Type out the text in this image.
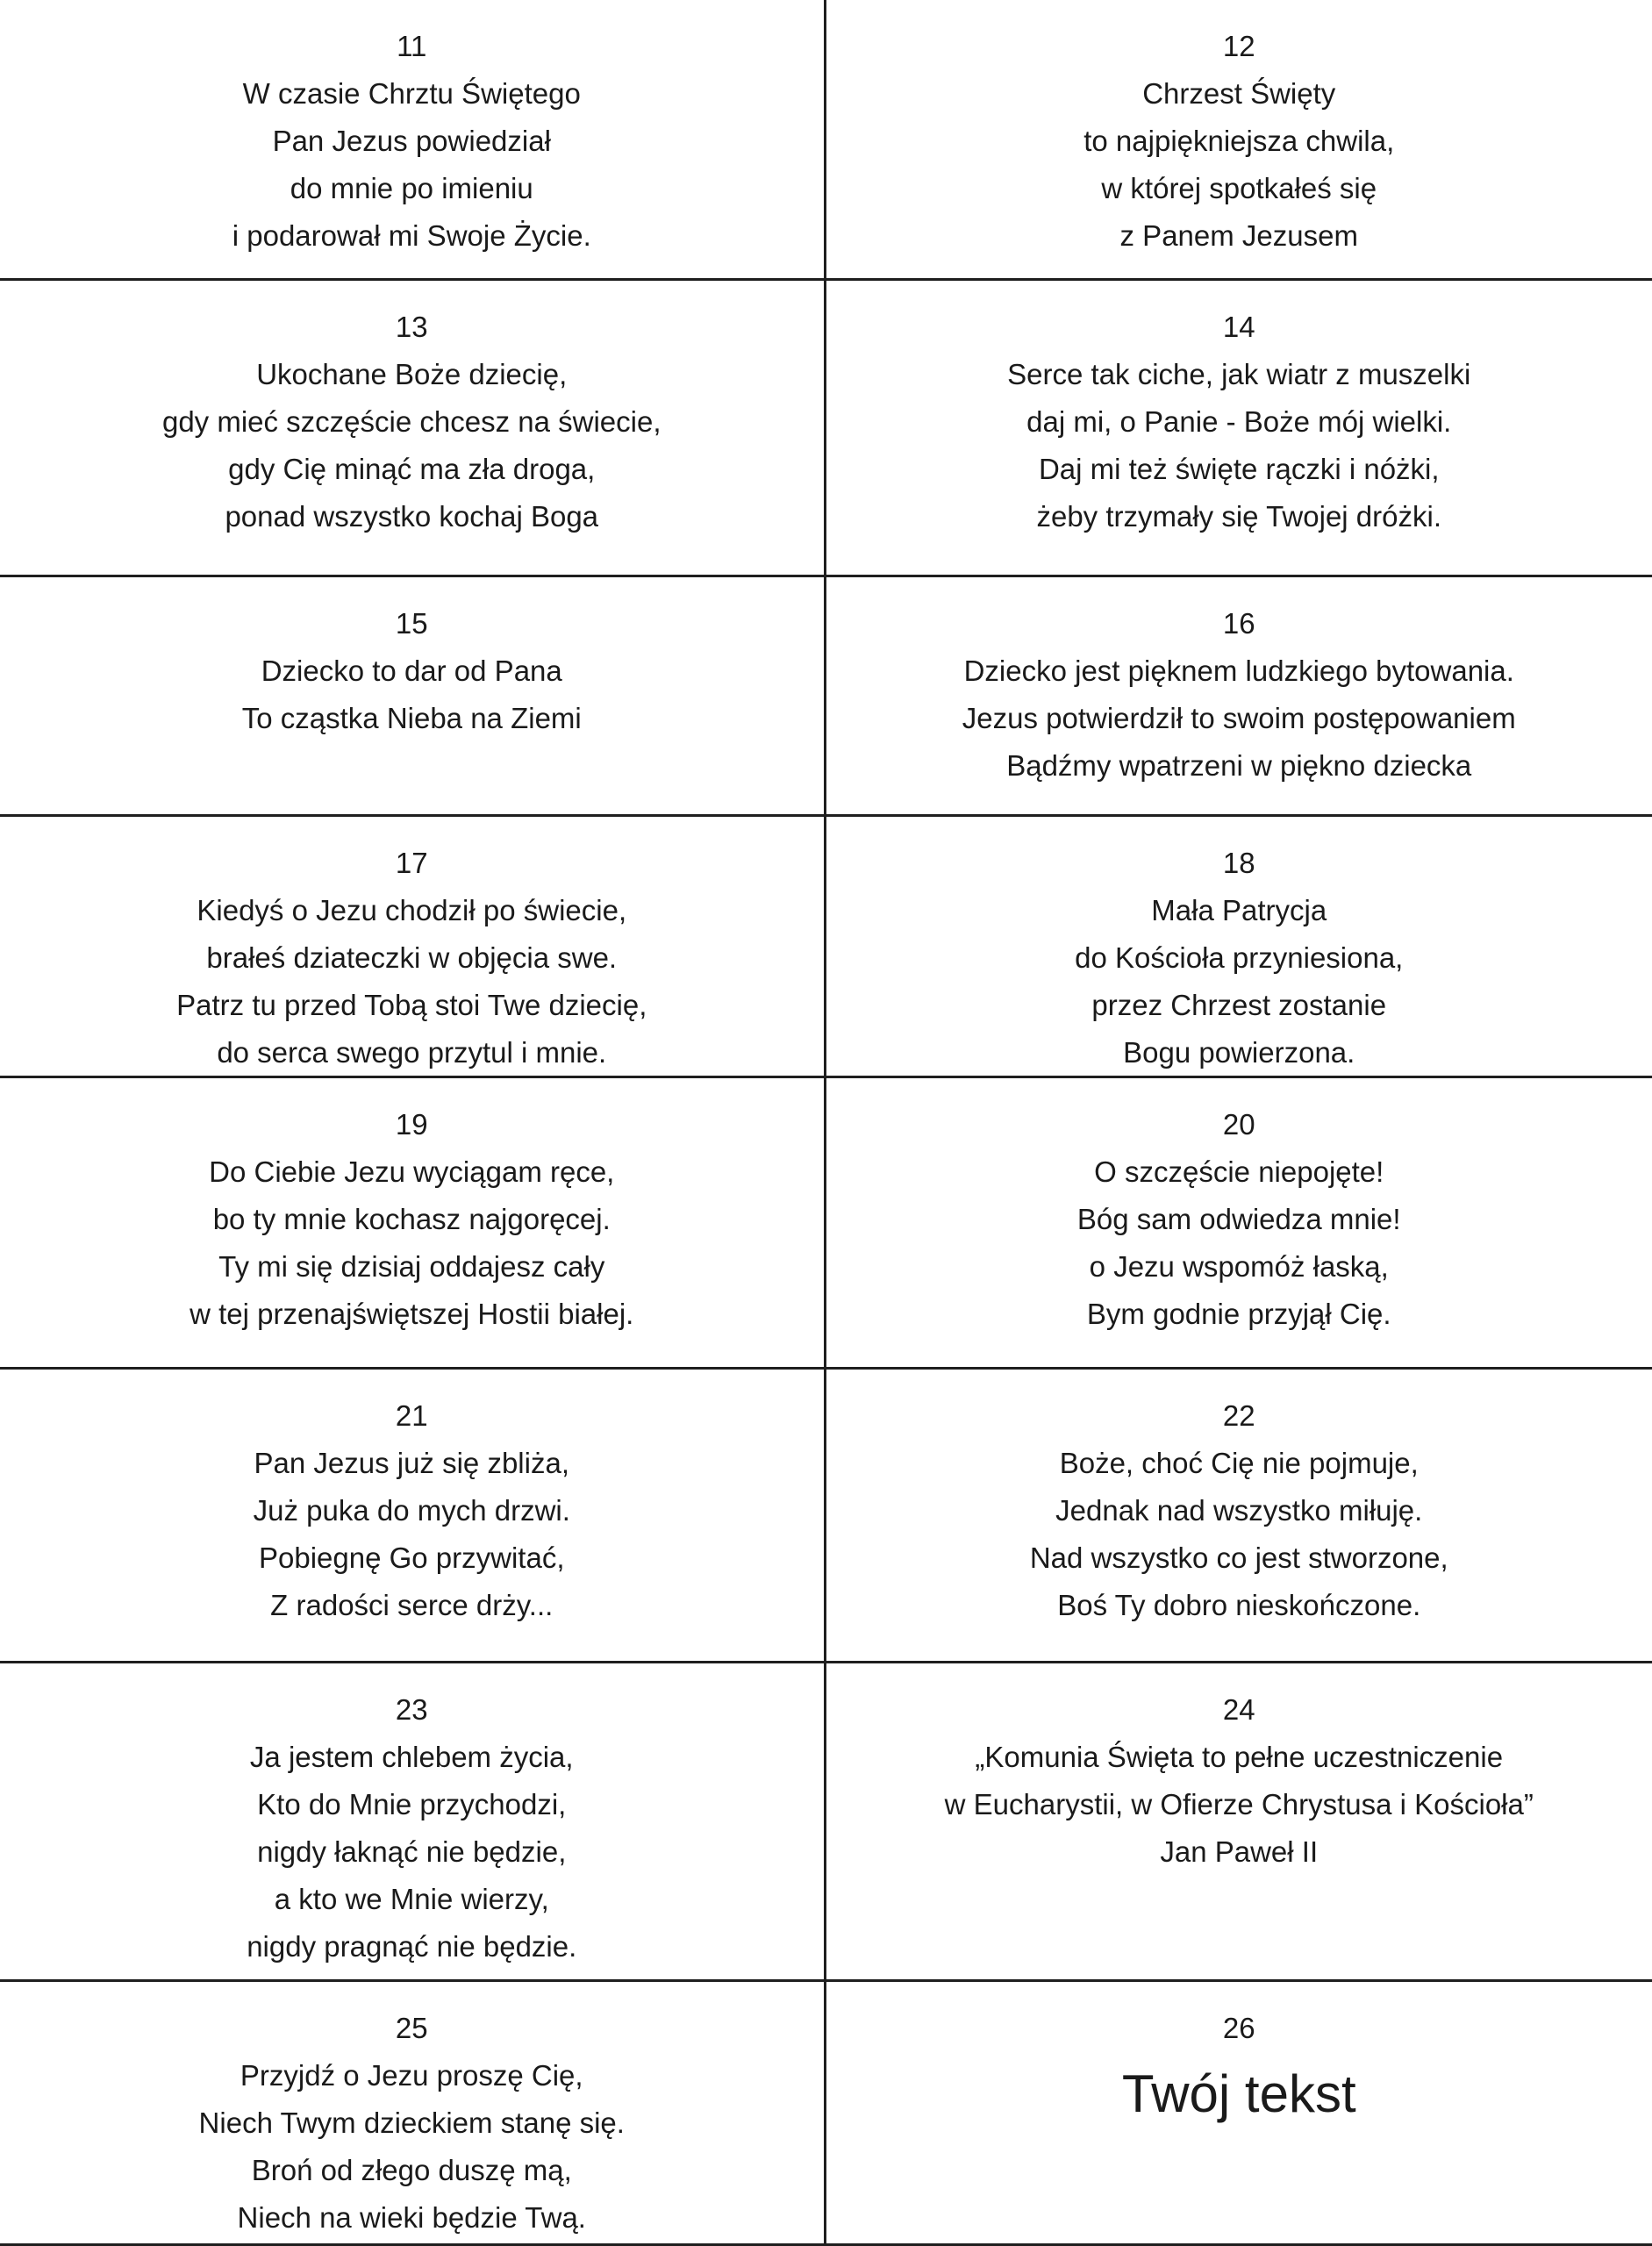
11
W czasie Chrztu Świętego
Pan Jezus powiedział
do mnie po imieniu
i podarował mi Swoje Życie.
12
Chrzest Święty
to najpiękniejsza chwila,
w której spotkałeś się
z Panem Jezusem
13
Ukochane Boże dziecię,
gdy mieć szczęście chcesz na świecie,
gdy Cię minąć ma zła droga,
ponad wszystko kochaj Boga
14
Serce tak ciche, jak wiatr z muszelki
daj mi, o Panie - Boże mój wielki.
Daj mi też święte rączki i nóżki,
żeby trzymały się Twojej dróżki.
15
Dziecko to dar od Pana
To cząstka Nieba na Ziemi
16
Dziecko jest pięknem ludzkiego bytowania.
Jezus potwierdził to swoim postępowaniem
Bądźmy wpatrzeni w piękno dziecka
17
Kiedyś o Jezu chodził po świecie,
brałeś dziateczki w objęcia swe.
Patrz tu przed Tobą stoi Twe dziecię,
do serca swego przytul i mnie.
18
Mała Patrycja
do Kościoła przyniesiona,
przez Chrzest zostanie
Bogu powierzona.
19
Do Ciebie Jezu wyciągam ręce,
bo ty mnie kochasz najgoręcej.
Ty mi się dzisiaj oddajesz cały
w tej przenajświętszej Hostii białej.
20
O szczęście niepojęte!
Bóg sam odwiedza mnie!
o Jezu wspomóż łaską,
Bym godnie przyjął Cię.
21
Pan Jezus już się zbliża,
Już puka do mych drzwi.
Pobiegnę Go przywitać,
Z radości serce drży...
22
Boże, choć Cię nie pojmuje,
Jednak nad wszystko miłuję.
Nad wszystko co jest stworzone,
Boś Ty dobro nieskończone.
23
Ja jestem chlebem życia,
Kto do Mnie przychodzi,
nigdy łaknąć nie będzie,
a kto we Mnie wierzy,
nigdy pragnąć nie będzie.
24
„Komunia Święta to pełne uczestniczenie
w Eucharystii, w Ofierze Chrystusa i Kościoła”
Jan Paweł II
25
Przyjdź o Jezu proszę Cię,
Niech Twym dzieckiem stanę się.
Broń od złego duszę mą,
Niech na wieki będzie Twą.
26
Twój tekst
